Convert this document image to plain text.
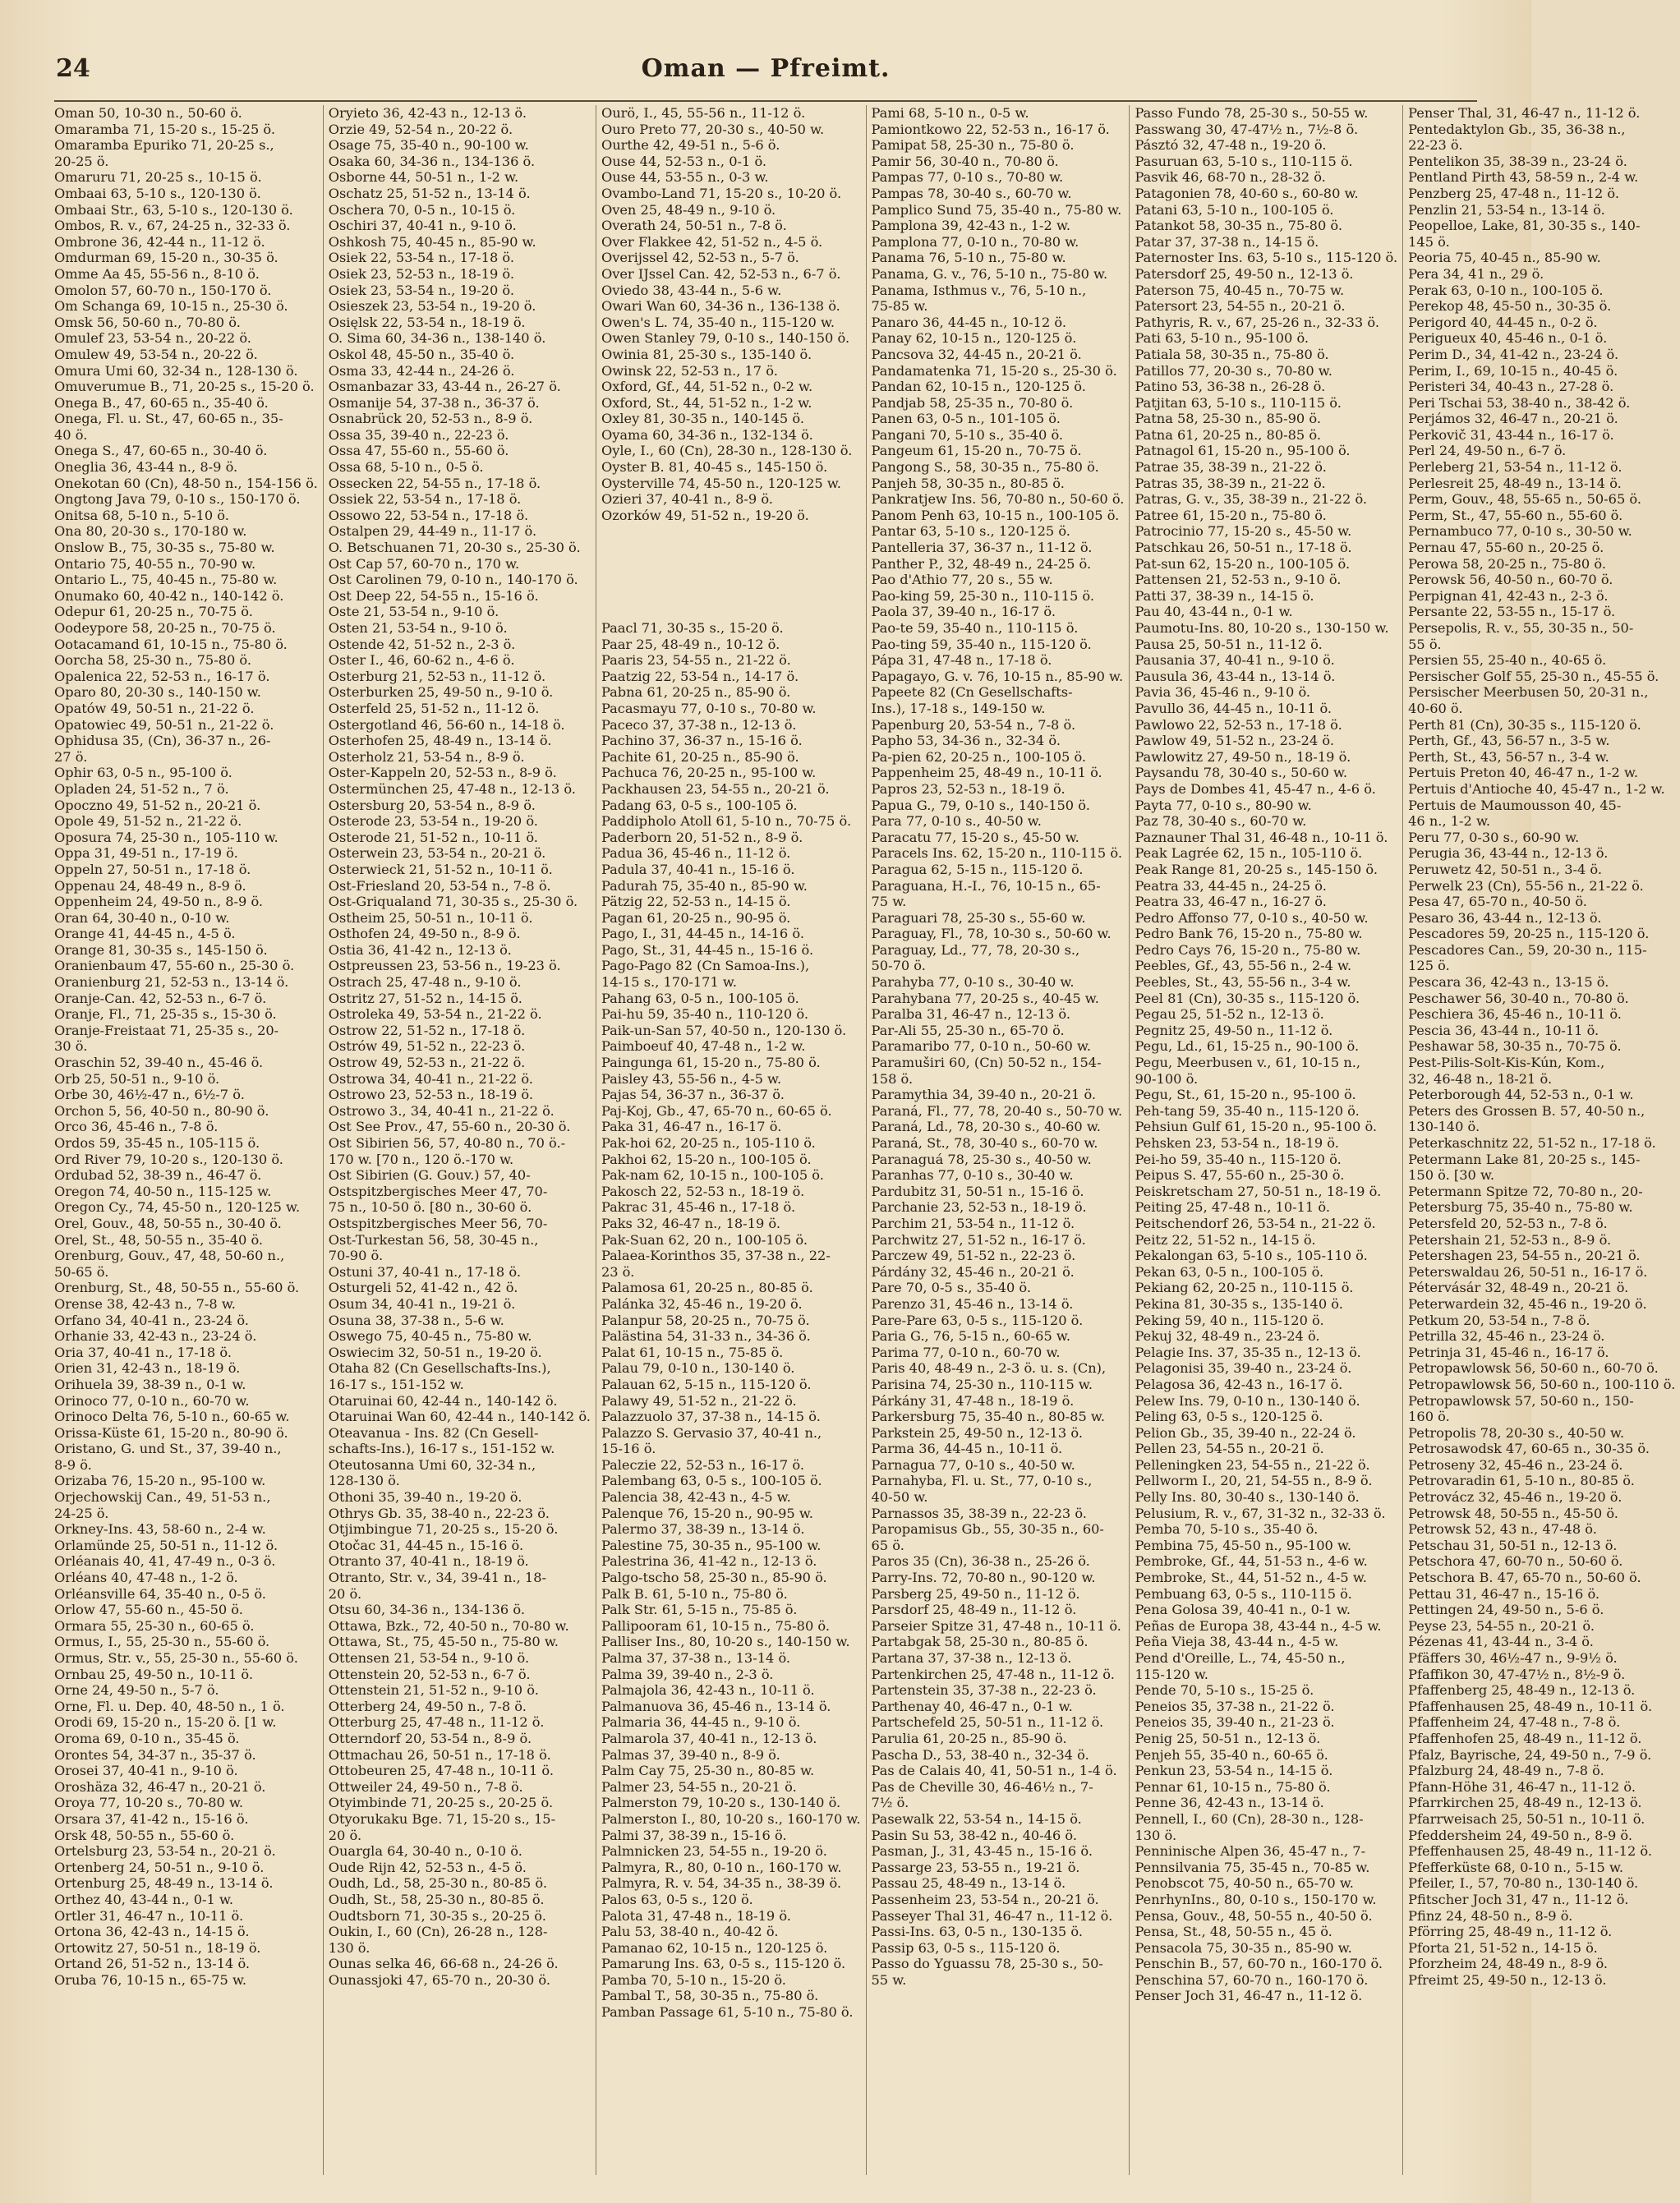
24	Oman — Pfreimt.

Oman 50, 10-30 n., 50-60 ö.

Omaramba 71, 15-20 s., 15-25 ö.

Omaramba Epuriko 71, 20-25 s.,

20-25 ö.

Omaruru 71, 20-25 s., 10-15 ö.

Ombaai 63, 5-10 s., 120-130 ö.

Ombaai Str., 63, 5-10 s., 120-130 ö.

Ombos, R. v., 67, 24-25 n., 32-33 ö.

Ombrone 36, 42-44 n., 11-12 ö.

Omdurman 69, 15-20 n., 30-35 ö.

Omme Aa 45, 55-56 n., 8-10 ö.

Omolon 57, 60-70 n., 150-170 ö.

Om Schanga 69, 10-15 n., 25-30 ö.

Omsk 56, 50-60 n., 70-80 ö.

Omulef 23, 53-54 n., 20-22 ö.

Omulew 49, 53-54 n., 20-22 ö.

Omura Umi 60, 32-34 n., 128-130 ö.

Omuverumue B., 71, 20-25 s., 15-20 ö.

Onega B., 47, 60-65 n., 35-40 ö.

Onega, Fl. u. St., 47, 60-65 n., 35-

40 ö.

Onega S., 47, 60-65 n., 30-40 ö.

Oneglia 36, 43-44 n., 8-9 ö.

Onekotan 60 (Cn), 48-50 n., 154-156 ö.

Ongtong Java 79, 0-10 s., 150-170 ö.

Onitsa 68, 5-10 n., 5-10 ö.

Ona 80, 20-30 s., 170-180 w.

Onslow B., 75, 30-35 s., 75-80 w.

Ontario 75, 40-55 n., 70-90 w.

Ontario L., 75, 40-45 n., 75-80 w.

Onumako 60, 40-42 n., 140-142 ö.

Odepur 61, 20-25 n., 70-75 ö.

Oodeypore 58, 20-25 n., 70-75 ö.

Ootacamand 61, 10-15 n., 75-80 ö.

Oorcha 58, 25-30 n., 75-80 ö.

Opalenica 22, 52-53 n., 16-17 ö.

Oparo 80, 20-30 s., 140-150 w.

Opatów 49, 50-51 n., 21-22 ö.

Opatowiec 49, 50-51 n., 21-22 ö.

Ophidusa 35, (Cn), 36-37 n., 26-

27 ö.

Ophir 63, 0-5 n., 95-100 ö.

Opladen 24, 51-52 n., 7 ö.

Opoczno 49, 51-52 n., 20-21 ö.

Opole 49, 51-52 n., 21-22 ö.

Oposura 74, 25-30 n., 105-110 w.

Oppa 31, 49-51 n., 17-19 ö.

Oppeln 27, 50-51 n., 17-18 ö.

Oppenau 24, 48-49 n., 8-9 ö.

Oppenheim 24, 49-50 n., 8-9 ö.

Oran 64, 30-40 n., 0-10 w.

Orange 41, 44-45 n., 4-5 ö.

Orange 81, 30-35 s., 145-150 ö.

Oranienbaum 47, 55-60 n., 25-30 ö.

Oranienburg 21, 52-53 n., 13-14 ö.

Oranje-Can. 42, 52-53 n., 6-7 ö.

Oranje, Fl., 71, 25-35 s., 15-30 ö.

Oranje-Freistaat 71, 25-35 s., 20-

30 ö.

Oraschin 52, 39-40 n., 45-46 ö.

Orb 25, 50-51 n., 9-10 ö.

Orbe 30, 46½-47 n., 6½-7 ö.

Orchon 5, 56, 40-50 n., 80-90 ö.

Orco 36, 45-46 n., 7-8 ö.

Ordos 59, 35-45 n., 105-115 ö.

Ord River 79, 10-20 s., 120-130 ö.

Ordubad 52, 38-39 n., 46-47 ö.

Oregon 74, 40-50 n., 115-125 w.

Oregon Cy., 74, 45-50 n., 120-125 w.

Orel, Gouv., 48, 50-55 n., 30-40 ö.

Orel, St., 48, 50-55 n., 35-40 ö.

Orenburg, Gouv., 47, 48, 50-60 n.,

50-65 ö.

Orenburg, St., 48, 50-55 n., 55-60 ö.

Orense 38, 42-43 n., 7-8 w.

Orfano 34, 40-41 n., 23-24 ö.

Orhanie 33, 42-43 n., 23-24 ö.

Oria 37, 40-41 n., 17-18 ö.

Orien 31, 42-43 n., 18-19 ö.

Orihuela 39, 38-39 n., 0-1 w.

Orinoco 77, 0-10 n., 60-70 w.

Orinoco Delta 76, 5-10 n., 60-65 w.

Orissa-Küste 61, 15-20 n., 80-90 ö.

Oristano, G. und St., 37, 39-40 n.,

8-9 ö.

Orizaba 76, 15-20 n., 95-100 w.

Orjechowskij Can., 49, 51-53 n.,

24-25 ö.

Orkney-Ins. 43, 58-60 n., 2-4 w.

Orlamünde 25, 50-51 n., 11-12 ö.

Orléanais 40, 41, 47-49 n., 0-3 ö.

Orléans 40, 47-48 n., 1-2 ö.

Orléansville 64, 35-40 n., 0-5 ö.

Orlow 47, 55-60 n., 45-50 ö.

Ormara 55, 25-30 n., 60-65 ö.

Ormus, I., 55, 25-30 n., 55-60 ö.

Ormus, Str. v., 55, 25-30 n., 55-60 ö.

Ornbau 25, 49-50 n., 10-11 ö.

Orne 24, 49-50 n., 5-7 ö.

Orne, Fl. u. Dep. 40, 48-50 n., 1 ö.

Orodi 69, 15-20 n., 15-20 ö. [1 w.

Oroma 69, 0-10 n., 35-45 ö.

Orontes 54, 34-37 n., 35-37 ö.

Orosei 37, 40-41 n., 9-10 ö.

Oroshäza 32, 46-47 n., 20-21 ö.

Oroya 77, 10-20 s., 70-80 w.

Orsara 37, 41-42 n., 15-16 ö.

Orsk 48, 50-55 n., 55-60 ö.

Ortelsburg 23, 53-54 n., 20-21 ö.

Ortenberg 24, 50-51 n., 9-10 ö.

Ortenburg 25, 48-49 n., 13-14 ö.

Orthez 40, 43-44 n., 0-1 w.

Ortler 31, 46-47 n., 10-11 ö.

Ortona 36, 42-43 n., 14-15 ö.

Ortowitz 27, 50-51 n., 18-19 ö.

Ortand 26, 51-52 n., 13-14 ö.

Oruba 76, 10-15 n., 65-75 w.

Oryieto 36, 42-43 n., 12-13 ö.

Orzie 49, 52-54 n., 20-22 ö.

Osage 75, 35-40 n., 90-100 w.

Osaka 60, 34-36 n., 134-136 ö.

Osborne 44, 50-51 n., 1-2 w.

Oschatz 25, 51-52 n., 13-14 ö.

Oschera 70, 0-5 n., 10-15 ö.

Oschiri 37, 40-41 n., 9-10 ö.

Oshkosh 75, 40-45 n., 85-90 w.

Osiek 22, 53-54 n., 17-18 ö.

Osiek 23, 52-53 n., 18-19 ö.

Osiek 23, 53-54 n., 19-20 ö.

Osieszek 23, 53-54 n., 19-20 ö.

Osięlsk 22, 53-54 n., 18-19 ö.

O. Sima 60, 34-36 n., 138-140 ö.

Oskol 48, 45-50 n., 35-40 ö.

Osma 33, 42-44 n., 24-26 ö.

Osmanbazar 33, 43-44 n., 26-27 ö.

Osmanije 54, 37-38 n., 36-37 ö.

Osnabrück 20, 52-53 n., 8-9 ö.

Ossa 35, 39-40 n., 22-23 ö.

Ossa 47, 55-60 n., 55-60 ö.

Ossa 68, 5-10 n., 0-5 ö.

Ossecken 22, 54-55 n., 17-18 ö.

Ossiek 22, 53-54 n., 17-18 ö.

Ossowo 22, 53-54 n., 17-18 ö.

Ostalpen 29, 44-49 n., 11-17 ö.

O. Betschuanen 71, 20-30 s., 25-30 ö.

Ost Cap 57, 60-70 n., 170 w.

Ost Carolinen 79, 0-10 n., 140-170 ö.

Ost Deep 22, 54-55 n., 15-16 ö.

Oste 21, 53-54 n., 9-10 ö.

Osten 21, 53-54 n., 9-10 ö.

Ostende 42, 51-52 n., 2-3 ö.

Oster I., 46, 60-62 n., 4-6 ö.

Osterburg 21, 52-53 n., 11-12 ö.

Osterburken 25, 49-50 n., 9-10 ö.

Osterfeld 25, 51-52 n., 11-12 ö.

Ostergotland 46, 56-60 n., 14-18 ö.

Osterhofen 25, 48-49 n., 13-14 ö.

Osterholz 21, 53-54 n., 8-9 ö.

Oster-Kappeln 20, 52-53 n., 8-9 ö.

Ostermünchen 25, 47-48 n., 12-13 ö.

Ostersburg 20, 53-54 n., 8-9 ö.

Osterode 23, 53-54 n., 19-20 ö.

Osterode 21, 51-52 n., 10-11 ö.

Osterwein 23, 53-54 n., 20-21 ö.

Osterwieck 21, 51-52 n., 10-11 ö.

Ost-Friesland 20, 53-54 n., 7-8 ö.

Ost-Griqualand 71, 30-35 s., 25-30 ö.

Ostheim 25, 50-51 n., 10-11 ö.

Osthofen 24, 49-50 n., 8-9 ö.

Ostia 36, 41-42 n., 12-13 ö.

Ostpreussen 23, 53-56 n., 19-23 ö.

Ostrach 25, 47-48 n., 9-10 ö.

Ostritz 27, 51-52 n., 14-15 ö.

Ostroleka 49, 53-54 n., 21-22 ö.

Ostrow 22, 51-52 n., 17-18 ö.

Ostrów 49, 51-52 n., 22-23 ö.

Ostrow 49, 52-53 n., 21-22 ö.

Ostrowa 34, 40-41 n., 21-22 ö.

Ostrowo 23, 52-53 n., 18-19 ö.

Ostrowo 3., 34, 40-41 n., 21-22 ö.

Ost See Prov., 47, 55-60 n., 20-30 ö.

Ost Sibirien 56, 57, 40-80 n., 70 ö.-

170 w. [70 n., 120 ö.-170 w.

Ost Sibirien (G. Gouv.) 57, 40-

Ostspitzbergisches Meer 47, 70-

75 n., 10-50 ö. [80 n., 30-60 ö.

Ostspitzbergisches Meer 56, 70-

Ost-Turkestan 56, 58, 30-45 n.,

70-90 ö.

Ostuni 37, 40-41 n., 17-18 ö.

Osturgeli 52, 41-42 n., 42 ö.

Osum 34, 40-41 n., 19-21 ö.

Osuna 38, 37-38 n., 5-6 w.

Oswego 75, 40-45 n., 75-80 w.

Oswiecim 32, 50-51 n., 19-20 ö.

Otaha 82 (Cn Gesellschafts-Ins.),

16-17 s., 151-152 w.

Otaruinai 60, 42-44 n., 140-142 ö.

Otaruinai Wan 60, 42-44 n., 140-142 ö.

Oteavanua - Ins. 82 (Cn Gesell-

schafts-Ins.), 16-17 s., 151-152 w.

Oteutosanna Umi 60, 32-34 n.,

128-130 ö.

Othoni 35, 39-40 n., 19-20 ö.

Othrys Gb. 35, 38-40 n., 22-23 ö.

Otjimbingue 71, 20-25 s., 15-20 ö.

Otočac 31, 44-45 n., 15-16 ö.

Otranto 37, 40-41 n., 18-19 ö.

Otranto, Str. v., 34, 39-41 n., 18-

20 ö.

Otsu 60, 34-36 n., 134-136 ö.

Ottawa, Bzk., 72, 40-50 n., 70-80 w.

Ottawa, St., 75, 45-50 n., 75-80 w.

Ottensen 21, 53-54 n., 9-10 ö.

Ottenstein 20, 52-53 n., 6-7 ö.

Ottenstein 21, 51-52 n., 9-10 ö.

Otterberg 24, 49-50 n., 7-8 ö.

Otterburg 25, 47-48 n., 11-12 ö.

Otterndorf 20, 53-54 n., 8-9 ö.

Ottmachau 26, 50-51 n., 17-18 ö.

Ottobeuren 25, 47-48 n., 10-11 ö.

Ottweiler 24, 49-50 n., 7-8 ö.

Otyimbinde 71, 20-25 s., 20-25 ö.

Otyorukaku Bge. 71, 15-20 s., 15-

20 ö.

Ouargla 64, 30-40 n., 0-10 ö.

Oude Rijn 42, 52-53 n., 4-5 ö.

Oudh, Ld., 58, 25-30 n., 80-85 ö.

Oudh, St., 58, 25-30 n., 80-85 ö.

Oudtsborn 71, 30-35 s., 20-25 ö.

Oukin, I., 60 (Cn), 26-28 n., 128-

130 ö.

Ounas selka 46, 66-68 n., 24-26 ö.

Ounassjoki 47, 65-70 n., 20-30 ö.

Ourö, I., 45, 55-56 n., 11-12 ö.

Ouro Preto 77, 20-30 s., 40-50 w.

Ourthe 42, 49-51 n., 5-6 ö.

Ouse 44, 52-53 n., 0-1 ö.

Ouse 44, 53-55 n., 0-3 w.

Ovambo-Land 71, 15-20 s., 10-20 ö.

Oven 25, 48-49 n., 9-10 ö.

Overath 24, 50-51 n., 7-8 ö.

Over Flakkee 42, 51-52 n., 4-5 ö.

Overijssel 42, 52-53 n., 5-7 ö.

Over IJssel Can. 42, 52-53 n., 6-7 ö.

Oviedo 38, 43-44 n., 5-6 w.

Owari Wan 60, 34-36 n., 136-138 ö.

Owen's L. 74, 35-40 n., 115-120 w.

Owen Stanley 79, 0-10 s., 140-150 ö.

Owinia 81, 25-30 s., 135-140 ö.

Owinsk 22, 52-53 n., 17 ö.

Oxford, Gf., 44, 51-52 n., 0-2 w.

Oxford, St., 44, 51-52 n., 1-2 w.

Oxley 81, 30-35 n., 140-145 ö.

Oyama 60, 34-36 n., 132-134 ö.

Oyle, I., 60 (Cn), 28-30 n., 128-130 ö.

Oyster B. 81, 40-45 s., 145-150 ö.

Oysterville 74, 45-50 n., 120-125 w.

Ozieri 37, 40-41 n., 8-9 ö.

Ozorków 49, 51-52 n., 19-20 ö.

Paacl 71, 30-35 s., 15-20 ö.

Paar 25, 48-49 n., 10-12 ö.

Paaris 23, 54-55 n., 21-22 ö.

Paatzig 22, 53-54 n., 14-17 ö.

Pabna 61, 20-25 n., 85-90 ö.

Pacasmayu 77, 0-10 s., 70-80 w.

Paceco 37, 37-38 n., 12-13 ö.

Pachino 37, 36-37 n., 15-16 ö.

Pachite 61, 20-25 n., 85-90 ö.

Pachuca 76, 20-25 n., 95-100 w.

Packhausen 23, 54-55 n., 20-21 ö.

Padang 63, 0-5 s., 100-105 ö.

Paddipholo Atoll 61, 5-10 n., 70-75 ö.

Paderborn 20, 51-52 n., 8-9 ö.

Padua 36, 45-46 n., 11-12 ö.

Padula 37, 40-41 n., 15-16 ö.

Padurah 75, 35-40 n., 85-90 w.

Pätzig 22, 52-53 n., 14-15 ö.

Pagan 61, 20-25 n., 90-95 ö.

Pago, I., 31, 44-45 n., 14-16 ö.

Pago, St., 31, 44-45 n., 15-16 ö.

Pago-Pago 82 (Cn Samoa-Ins.),

14-15 s., 170-171 w.

Pahang 63, 0-5 n., 100-105 ö.

Pai-hu 59, 35-40 n., 110-120 ö.

Paik-un-San 57, 40-50 n., 120-130 ö.

Paimboeuf 40, 47-48 n., 1-2 w.

Paingunga 61, 15-20 n., 75-80 ö.

Paisley 43, 55-56 n., 4-5 w.

Pajas 54, 36-37 n., 36-37 ö.

Paj-Koj, Gb., 47, 65-70 n., 60-65 ö.

Paka 31, 46-47 n., 16-17 ö.

Pak-hoi 62, 20-25 n., 105-110 ö.

Pakhoi 62, 15-20 n., 100-105 ö.

Pak-nam 62, 10-15 n., 100-105 ö.

Pakosch 22, 52-53 n., 18-19 ö.

Pakrac 31, 45-46 n., 17-18 ö.

Paks 32, 46-47 n., 18-19 ö.

Pak-Suan 62, 20 n., 100-105 ö.

Palaea-Korinthos 35, 37-38 n., 22-

23 ö.

Palamosa 61, 20-25 n., 80-85 ö.

Palánka 32, 45-46 n., 19-20 ö.

Palanpur 58, 20-25 n., 70-75 ö.

Palästina 54, 31-33 n., 34-36 ö.

Palat 61, 10-15 n., 75-85 ö.

Palau 79, 0-10 n., 130-140 ö.

Palauan 62, 5-15 n., 115-120 ö.

Palawy 49, 51-52 n., 21-22 ö.

Palazzuolo 37, 37-38 n., 14-15 ö.

Palazzo S. Gervasio 37, 40-41 n.,

15-16 ö.

Paleczie 22, 52-53 n., 16-17 ö.

Palembang 63, 0-5 s., 100-105 ö.

Palencia 38, 42-43 n., 4-5 w.

Palenque 76, 15-20 n., 90-95 w.

Palermo 37, 38-39 n., 13-14 ö.

Palestine 75, 30-35 n., 95-100 w.

Palestrina 36, 41-42 n., 12-13 ö.

Palgo-tscho 58, 25-30 n., 85-90 ö.

Palk B. 61, 5-10 n., 75-80 ö.

Palk Str. 61, 5-15 n., 75-85 ö.

Pallipooram 61, 10-15 n., 75-80 ö.

Palliser Ins., 80, 10-20 s., 140-150 w.

Palma 37, 37-38 n., 13-14 ö.

Palma 39, 39-40 n., 2-3 ö.

Palmajola 36, 42-43 n., 10-11 ö.

Palmanuova 36, 45-46 n., 13-14 ö.

Palmaria 36, 44-45 n., 9-10 ö.

Palmarola 37, 40-41 n., 12-13 ö.

Palmas 37, 39-40 n., 8-9 ö.

Palm Cay 75, 25-30 n., 80-85 w.

Palmer 23, 54-55 n., 20-21 ö.

Palmerston 79, 10-20 s., 130-140 ö.

Palmerston I., 80, 10-20 s., 160-170 w.

Palmi 37, 38-39 n., 15-16 ö.

Palmnicken 23, 54-55 n., 19-20 ö.

Palmyra, R., 80, 0-10 n., 160-170 w.

Palmyra, R. v. 54, 34-35 n., 38-39 ö.

Palos 63, 0-5 s., 120 ö.

Palota 31, 47-48 n., 18-19 ö.

Palu 53, 38-40 n., 40-42 ö.

Pamanao 62, 10-15 n., 120-125 ö.

Pamarung Ins. 63, 0-5 s., 115-120 ö.

Pamba 70, 5-10 n., 15-20 ö.

Pambal T., 58, 30-35 n., 75-80 ö.

Pamban Passage 61, 5-10 n., 75-80 ö.

Pami 68, 5-10 n., 0-5 w.

Pamiontkowo 22, 52-53 n., 16-17 ö.

Pamipat 58, 25-30 n., 75-80 ö.

Pamir 56, 30-40 n., 70-80 ö.

Pampas 77, 0-10 s., 70-80 w.

Pampas 78, 30-40 s., 60-70 w.

Pamplico Sund 75, 35-40 n., 75-80 w.

Pamplona 39, 42-43 n., 1-2 w.

Pamplona 77, 0-10 n., 70-80 w.

Panama 76, 5-10 n., 75-80 w.

Panama, G. v., 76, 5-10 n., 75-80 w.

Panama, Isthmus v., 76, 5-10 n.,

75-85 w.

Panaro 36, 44-45 n., 10-12 ö.

Panay 62, 10-15 n., 120-125 ö.

Pancsova 32, 44-45 n., 20-21 ö.

Pandamatenka 71, 15-20 s., 25-30 ö.

Pandan 62, 10-15 n., 120-125 ö.

Pandjab 58, 25-35 n., 70-80 ö.

Panen 63, 0-5 n., 101-105 ö.

Pangani 70, 5-10 s., 35-40 ö.

Pangeum 61, 15-20 n., 70-75 ö.

Pangong S., 58, 30-35 n., 75-80 ö.

Panjeh 58, 30-35 n., 80-85 ö.

Pankratjew Ins. 56, 70-80 n., 50-60 ö.

Panom Penh 63, 10-15 n., 100-105 ö.

Pantar 63, 5-10 s., 120-125 ö.

Pantelleria 37, 36-37 n., 11-12 ö.

Panther P., 32, 48-49 n., 24-25 ö.

Pao d'Athio 77, 20 s., 55 w.

Pao-king 59, 25-30 n., 110-115 ö.

Paola 37, 39-40 n., 16-17 ö.

Pao-te 59, 35-40 n., 110-115 ö.

Pao-ting 59, 35-40 n., 115-120 ö.

Pápa 31, 47-48 n., 17-18 ö.

Papagayo, G. v. 76, 10-15 n., 85-90 w.

Papeete 82 (Cn Gesellschafts-

Ins.), 17-18 s., 149-150 w.

Papenburg 20, 53-54 n., 7-8 ö.

Papho 53, 34-36 n., 32-34 ö.

Pa-pien 62, 20-25 n., 100-105 ö.

Pappenheim 25, 48-49 n., 10-11 ö.

Papros 23, 52-53 n., 18-19 ö.

Papua G., 79, 0-10 s., 140-150 ö.

Para 77, 0-10 s., 40-50 w.

Paracatu 77, 15-20 s., 45-50 w.

Paracels Ins. 62, 15-20 n., 110-115 ö.

Paragua 62, 5-15 n., 115-120 ö.

Paraguana, H.-I., 76, 10-15 n., 65-

75 w.

Paraguari 78, 25-30 s., 55-60 w.

Paraguay, Fl., 78, 10-30 s., 50-60 w.

Paraguay, Ld., 77, 78, 20-30 s.,

50-70 ö.

Parahyba 77, 0-10 s., 30-40 w.

Parahybana 77, 20-25 s., 40-45 w.

Paralba 31, 46-47 n., 12-13 ö.

Par-Ali 55, 25-30 n., 65-70 ö.

Paramaribo 77, 0-10 n., 50-60 w.

Paramuširi 60, (Cn) 50-52 n., 154-

158 ö.

Paramythia 34, 39-40 n., 20-21 ö.

Paraná, Fl., 77, 78, 20-40 s., 50-70 w.

Paraná, Ld., 78, 20-30 s., 40-60 w.

Paraná, St., 78, 30-40 s., 60-70 w.

Paranaguá 78, 25-30 s., 40-50 w.

Paranhas 77, 0-10 s., 30-40 w.

Pardubitz 31, 50-51 n., 15-16 ö.

Parchanie 23, 52-53 n., 18-19 ö.

Parchim 21, 53-54 n., 11-12 ö.

Parchwitz 27, 51-52 n., 16-17 ö.

Parczew 49, 51-52 n., 22-23 ö.

Párdány 32, 45-46 n., 20-21 ö.

Pare 70, 0-5 s., 35-40 ö.

Parenzo 31, 45-46 n., 13-14 ö.

Pare-Pare 63, 0-5 s., 115-120 ö.

Paria G., 76, 5-15 n., 60-65 w.

Parima 77, 0-10 n., 60-70 w.

Paris 40, 48-49 n., 2-3 ö. u. s. (Cn),

Parisina 74, 25-30 n., 110-115 w.

Párkány 31, 47-48 n., 18-19 ö.

Parkersburg 75, 35-40 n., 80-85 w.

Parkstein 25, 49-50 n., 12-13 ö.

Parma 36, 44-45 n., 10-11 ö.

Parnagua 77, 0-10 s., 40-50 w.

Parnahyba, Fl. u. St., 77, 0-10 s.,

40-50 w.

Parnassos 35, 38-39 n., 22-23 ö.

Paropamisus Gb., 55, 30-35 n., 60-

65 ö.

Paros 35 (Cn), 36-38 n., 25-26 ö.

Parry-Ins. 72, 70-80 n., 90-120 w.

Parsberg 25, 49-50 n., 11-12 ö.

Parsdorf 25, 48-49 n., 11-12 ö.

Parseier Spitze 31, 47-48 n., 10-11 ö.

Partabgak 58, 25-30 n., 80-85 ö.

Partana 37, 37-38 n., 12-13 ö.

Partenkirchen 25, 47-48 n., 11-12 ö.

Partenstein 35, 37-38 n., 22-23 ö.

Parthenay 40, 46-47 n., 0-1 w.

Partschefeld 25, 50-51 n., 11-12 ö.

Parulia 61, 20-25 n., 85-90 ö.

Pascha D., 53, 38-40 n., 32-34 ö.

Pas de Calais 40, 41, 50-51 n., 1-4 ö.

Pas de Cheville 30, 46-46½ n., 7-

7½ ö.

Pasewalk 22, 53-54 n., 14-15 ö.

Pasin Su 53, 38-42 n., 40-46 ö.

Pasman, J., 31, 43-45 n., 15-16 ö.

Passarge 23, 53-55 n., 19-21 ö.

Passau 25, 48-49 n., 13-14 ö.

Passenheim 23, 53-54 n., 20-21 ö.

Passeyer Thal 31, 46-47 n., 11-12 ö.

Passi-Ins. 63, 0-5 n., 130-135 ö.

Passip 63, 0-5 s., 115-120 ö.

Passo do Yguassu 78, 25-30 s., 50-

55 w.

Passo Fundo 78, 25-30 s., 50-55 w.

Passwang 30, 47-47½ n., 7½-8 ö.

Pásztó 32, 47-48 n., 19-20 ö.

Pasuruan 63, 5-10 s., 110-115 ö.

Pasvik 46, 68-70 n., 28-32 ö.

Patagonien 78, 40-60 s., 60-80 w.

Patani 63, 5-10 n., 100-105 ö.

Patankot 58, 30-35 n., 75-80 ö.

Patar 37, 37-38 n., 14-15 ö.

Paternoster Ins. 63, 5-10 s., 115-120 ö.

Patersdorf 25, 49-50 n., 12-13 ö.

Paterson 75, 40-45 n., 70-75 w.

Patersort 23, 54-55 n., 20-21 ö.

Pathyris, R. v., 67, 25-26 n., 32-33 ö.

Pati 63, 5-10 n., 95-100 ö.

Patiala 58, 30-35 n., 75-80 ö.

Patillos 77, 20-30 s., 70-80 w.

Patino 53, 36-38 n., 26-28 ö.

Patjitan 63, 5-10 s., 110-115 ö.

Patna 58, 25-30 n., 85-90 ö.

Patna 61, 20-25 n., 80-85 ö.

Patnagol 61, 15-20 n., 95-100 ö.

Patrae 35, 38-39 n., 21-22 ö.

Patras 35, 38-39 n., 21-22 ö.

Patras, G. v., 35, 38-39 n., 21-22 ö.

Patree 61, 15-20 n., 75-80 ö.

Patrocinio 77, 15-20 s., 45-50 w.

Patschkau 26, 50-51 n., 17-18 ö.

Pat-sun 62, 15-20 n., 100-105 ö.

Pattensen 21, 52-53 n., 9-10 ö.

Patti 37, 38-39 n., 14-15 ö.

Pau 40, 43-44 n., 0-1 w.

Paumotu-Ins. 80, 10-20 s., 130-150 w.

Pausa 25, 50-51 n., 11-12 ö.

Pausania 37, 40-41 n., 9-10 ö.

Pausula 36, 43-44 n., 13-14 ö.

Pavia 36, 45-46 n., 9-10 ö.

Pavullo 36, 44-45 n., 10-11 ö.

Pawlowo 22, 52-53 n., 17-18 ö.

Pawlow 49, 51-52 n., 23-24 ö.

Pawlowitz 27, 49-50 n., 18-19 ö.

Paysandu 78, 30-40 s., 50-60 w.

Pays de Dombes 41, 45-47 n., 4-6 ö.

Payta 77, 0-10 s., 80-90 w.

Paz 78, 30-40 s., 60-70 w.

Paznauner Thal 31, 46-48 n., 10-11 ö.

Peak Lagrée 62, 15 n., 105-110 ö.

Peak Range 81, 20-25 s., 145-150 ö.

Peatra 33, 44-45 n., 24-25 ö.

Peatra 33, 46-47 n., 16-27 ö.

Pedro Affonso 77, 0-10 s., 40-50 w.

Pedro Bank 76, 15-20 n., 75-80 w.

Pedro Cays 76, 15-20 n., 75-80 w.

Peebles, Gf., 43, 55-56 n., 2-4 w.

Peebles, St., 43, 55-56 n., 3-4 w.

Peel 81 (Cn), 30-35 s., 115-120 ö.

Pegau 25, 51-52 n., 12-13 ö.

Pegnitz 25, 49-50 n., 11-12 ö.

Pegu, Ld., 61, 15-25 n., 90-100 ö.

Pegu, Meerbusen v., 61, 10-15 n.,

90-100 ö.

Pegu, St., 61, 15-20 n., 95-100 ö.

Peh-tang 59, 35-40 n., 115-120 ö.

Pehsiun Gulf 61, 15-20 n., 95-100 ö.

Pehsken 23, 53-54 n., 18-19 ö.

Pei-ho 59, 35-40 n., 115-120 ö.

Peipus S. 47, 55-60 n., 25-30 ö.

Peiskretscham 27, 50-51 n., 18-19 ö.

Peiting 25, 47-48 n., 10-11 ö.

Peitschendorf 26, 53-54 n., 21-22 ö.

Peitz 22, 51-52 n., 14-15 ö.

Pekalongan 63, 5-10 s., 105-110 ö.

Pekan 63, 0-5 n., 100-105 ö.

Pekiang 62, 20-25 n., 110-115 ö.

Pekina 81, 30-35 s., 135-140 ö.

Peking 59, 40 n., 115-120 ö.

Pekuj 32, 48-49 n., 23-24 ö.

Pelagie Ins. 37, 35-35 n., 12-13 ö.

Pelagonisi 35, 39-40 n., 23-24 ö.

Pelagosa 36, 42-43 n., 16-17 ö.

Pelew Ins. 79, 0-10 n., 130-140 ö.

Peling 63, 0-5 s., 120-125 ö.

Pelion Gb., 35, 39-40 n., 22-24 ö.

Pellen 23, 54-55 n., 20-21 ö.

Pelleningken 23, 54-55 n., 21-22 ö.

Pellworm I., 20, 21, 54-55 n., 8-9 ö.

Pelly Ins. 80, 30-40 s., 130-140 ö.

Pelusium, R. v., 67, 31-32 n., 32-33 ö.

Pemba 70, 5-10 s., 35-40 ö.

Pembina 75, 45-50 n., 95-100 w.

Pembroke, Gf., 44, 51-53 n., 4-6 w.

Pembroke, St., 44, 51-52 n., 4-5 w.

Pembuang 63, 0-5 s., 110-115 ö.

Pena Golosa 39, 40-41 n., 0-1 w.

Peñas de Europa 38, 43-44 n., 4-5 w.

Peña Vieja 38, 43-44 n., 4-5 w.

Pend d'Oreille, L., 74, 45-50 n.,

115-120 w.

Pende 70, 5-10 s., 15-25 ö.

Peneios 35, 37-38 n., 21-22 ö.

Peneios 35, 39-40 n., 21-23 ö.

Penig 25, 50-51 n., 12-13 ö.

Penjeh 55, 35-40 n., 60-65 ö.

Penkun 23, 53-54 n., 14-15 ö.

Pennar 61, 10-15 n., 75-80 ö.

Penne 36, 42-43 n., 13-14 ö.

Pennell, I., 60 (Cn), 28-30 n., 128-

130 ö.

Penninische Alpen 36, 45-47 n., 7-

Pennsilvania 75, 35-45 n., 70-85 w.

Penobscot 75, 40-50 n., 65-70 w.

PenrhynIns., 80, 0-10 s., 150-170 w.

Pensa, Gouv., 48, 50-55 n., 40-50 ö.

Pensa, St., 48, 50-55 n., 45 ö.

Pensacola 75, 30-35 n., 85-90 w.

Penschin B., 57, 60-70 n., 160-170 ö.

Penschina 57, 60-70 n., 160-170 ö.

Penser Joch 31, 46-47 n., 11-12 ö.

Penser Thal, 31, 46-47 n., 11-12 ö.

Pentedaktylon Gb., 35, 36-38 n.,

22-23 ö.

Pentelikon 35, 38-39 n., 23-24 ö.

Pentland Pirth 43, 58-59 n., 2-4 w.

Penzberg 25, 47-48 n., 11-12 ö.

Penzlin 21, 53-54 n., 13-14 ö.

Peopelloe, Lake, 81, 30-35 s., 140-

145 ö.

Peoria 75, 40-45 n., 85-90 w.

Pera 34, 41 n., 29 ö.

Perak 63, 0-10 n., 100-105 ö.

Perekop 48, 45-50 n., 30-35 ö.

Perigord 40, 44-45 n., 0-2 ö.

Perigueux 40, 45-46 n., 0-1 ö.

Perim D., 34, 41-42 n., 23-24 ö.

Perim, I., 69, 10-15 n., 40-45 ö.

Peristeri 34, 40-43 n., 27-28 ö.

Peri Tschai 53, 38-40 n., 38-42 ö.

Perjámos 32, 46-47 n., 20-21 ö.

Perkovič 31, 43-44 n., 16-17 ö.

Perl 24, 49-50 n., 6-7 ö.

Perleberg 21, 53-54 n., 11-12 ö.

Perlesreit 25, 48-49 n., 13-14 ö.

Perm, Gouv., 48, 55-65 n., 50-65 ö.

Perm, St., 47, 55-60 n., 55-60 ö.

Pernambuco 77, 0-10 s., 30-50 w.

Pernau 47, 55-60 n., 20-25 ö.

Perowa 58, 20-25 n., 75-80 ö.

Perowsk 56, 40-50 n., 60-70 ö.

Perpignan 41, 42-43 n., 2-3 ö.

Persante 22, 53-55 n., 15-17 ö.

Persepolis, R. v., 55, 30-35 n., 50-

55 ö.

Persien 55, 25-40 n., 40-65 ö.

Persischer Golf 55, 25-30 n., 45-55 ö.

Persischer Meerbusen 50, 20-31 n.,

40-60 ö.

Perth 81 (Cn), 30-35 s., 115-120 ö.

Perth, Gf., 43, 56-57 n., 3-5 w.

Perth, St., 43, 56-57 n., 3-4 w.

Pertuis Preton 40, 46-47 n., 1-2 w.

Pertuis d'Antioche 40, 45-47 n., 1-2 w.

Pertuis de Maumousson 40, 45-

46 n., 1-2 w.

Peru 77, 0-30 s., 60-90 w.

Perugia 36, 43-44 n., 12-13 ö.

Peruwetz 42, 50-51 n., 3-4 ö.

Perwelk 23 (Cn), 55-56 n., 21-22 ö.

Pesa 47, 65-70 n., 40-50 ö.

Pesaro 36, 43-44 n., 12-13 ö.

Pescadores 59, 20-25 n., 115-120 ö.

Pescadores Can., 59, 20-30 n., 115-

125 ö.

Pescara 36, 42-43 n., 13-15 ö.

Peschawer 56, 30-40 n., 70-80 ö.

Peschiera 36, 45-46 n., 10-11 ö.

Pescia 36, 43-44 n., 10-11 ö.

Peshawar 58, 30-35 n., 70-75 ö.

Pest-Pilis-Solt-Kis-Kún, Kom.,

32, 46-48 n., 18-21 ö.

Peterborough 44, 52-53 n., 0-1 w.

Peters des Grossen B. 57, 40-50 n.,

130-140 ö.

Peterkaschnitz 22, 51-52 n., 17-18 ö.

Petermann Lake 81, 20-25 s., 145-

150 ö. [30 w.

Petermann Spitze 72, 70-80 n., 20-

Petersburg 75, 35-40 n., 75-80 w.

Petersfeld 20, 52-53 n., 7-8 ö.

Petershain 21, 52-53 n., 8-9 ö.

Petershagen 23, 54-55 n., 20-21 ö.

Peterswaldau 26, 50-51 n., 16-17 ö.

Pétervásár 32, 48-49 n., 20-21 ö.

Peterwardein 32, 45-46 n., 19-20 ö.

Petkum 20, 53-54 n., 7-8 ö.

Petrilla 32, 45-46 n., 23-24 ö.

Petrinja 31, 45-46 n., 16-17 ö.

Petropawlowsk 56, 50-60 n., 60-70 ö.

Petropawlowsk 56, 50-60 n., 100-110 ö.

Petropawlowsk 57, 50-60 n., 150-

160 ö.

Petropolis 78, 20-30 s., 40-50 w.

Petrosawodsk 47, 60-65 n., 30-35 ö.

Petroseny 32, 45-46 n., 23-24 ö.

Petrovaradin 61, 5-10 n., 80-85 ö.

Petrovácz 32, 45-46 n., 19-20 ö.

Petrowsk 48, 50-55 n., 45-50 ö.

Petrowsk 52, 43 n., 47-48 ö.

Petschau 31, 50-51 n., 12-13 ö.

Petschora 47, 60-70 n., 50-60 ö.

Petschora B. 47, 65-70 n., 50-60 ö.

Pettau 31, 46-47 n., 15-16 ö.

Pettingen 24, 49-50 n., 5-6 ö.

Peyse 23, 54-55 n., 20-21 ö.

Pézenas 41, 43-44 n., 3-4 ö.

Pfäffers 30, 46½-47 n., 9-9½ ö.

Pfaffikon 30, 47-47½ n., 8½-9 ö.

Pfaffenberg 25, 48-49 n., 12-13 ö.

Pfaffenhausen 25, 48-49 n., 10-11 ö.

Pfaffenheim 24, 47-48 n., 7-8 ö.

Pfaffenhofen 25, 48-49 n., 11-12 ö.

Pfalz, Bayrische, 24, 49-50 n., 7-9 ö.

Pfalzburg 24, 48-49 n., 7-8 ö.

Pfann-Höhe 31, 46-47 n., 11-12 ö.

Pfarrkirchen 25, 48-49 n., 12-13 ö.

Pfarrweisach 25, 50-51 n., 10-11 ö.

Pfeddersheim 24, 49-50 n., 8-9 ö.

Pfeffenhausen 25, 48-49 n., 11-12 ö.

Pfefferküste 68, 0-10 n., 5-15 w.

Pfeiler, I., 57, 70-80 n., 130-140 ö.

Pfitscher Joch 31, 47 n., 11-12 ö.

Pfinz 24, 48-50 n., 8-9 ö.

Pförring 25, 48-49 n., 11-12 ö.

Pforta 21, 51-52 n., 14-15 ö.

Pforzheim 24, 48-49 n., 8-9 ö.

Pfreimt 25, 49-50 n., 12-13 ö.
